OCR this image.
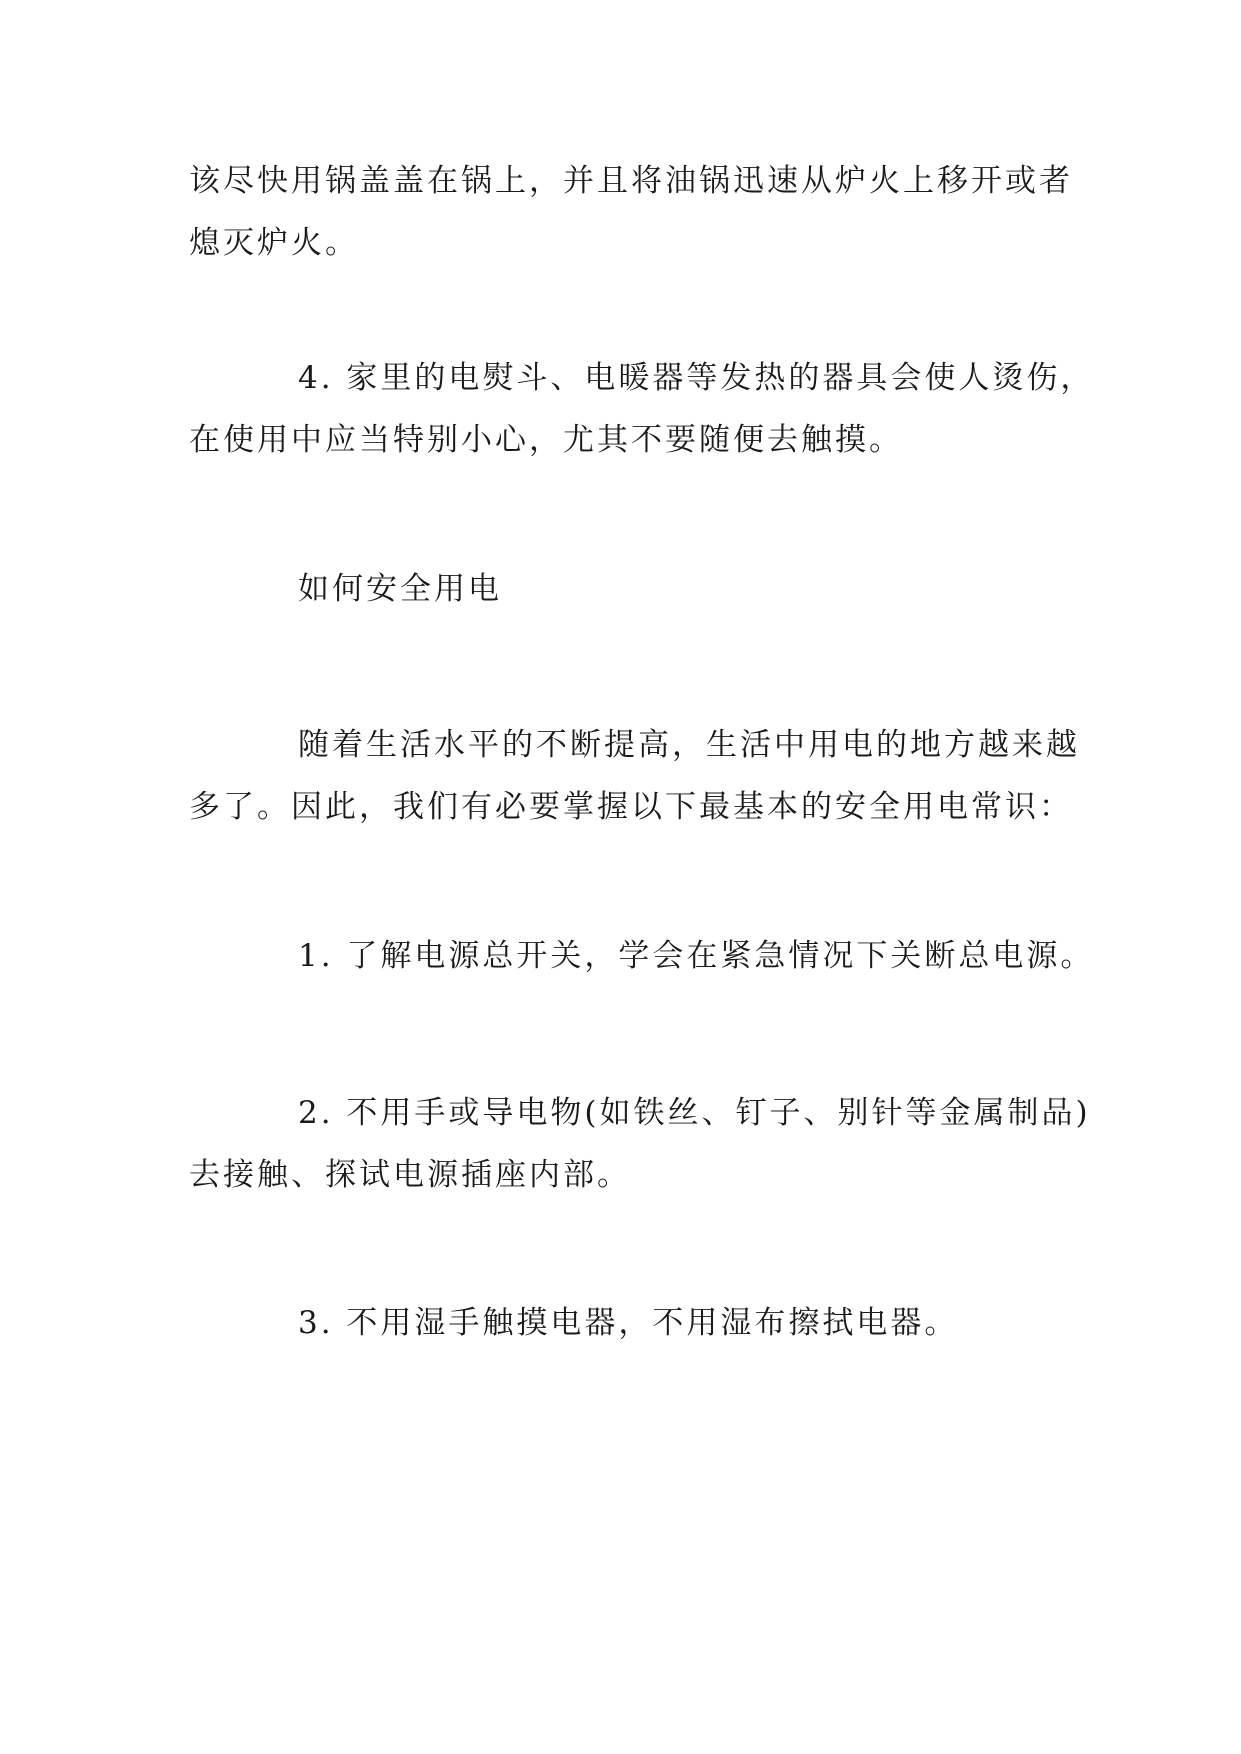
该尽快用锅盖盖在锅上，并且将油锅迅速从炉火上移开或者
熄灭炉火。
4. 家里的电熨斗、电暖器等发热的器具会使人烫伤，
在使用中应当特别小心，尤其不要随便去触摸。
如何安全用电
随着生活水平的不断提高，生活中用电的地方越来越
多了。因此，我们有必要掌握以下最基本的安全用电常识：
1. 了解电源总开关，学会在紧急情况下关断总电源。
2. 不用手或导电物(如铁丝、钉子、别针等金属制品)
去接触、探试电源插座内部。
3. 不用湿手触摸电器，不用湿布擦拭电器。
